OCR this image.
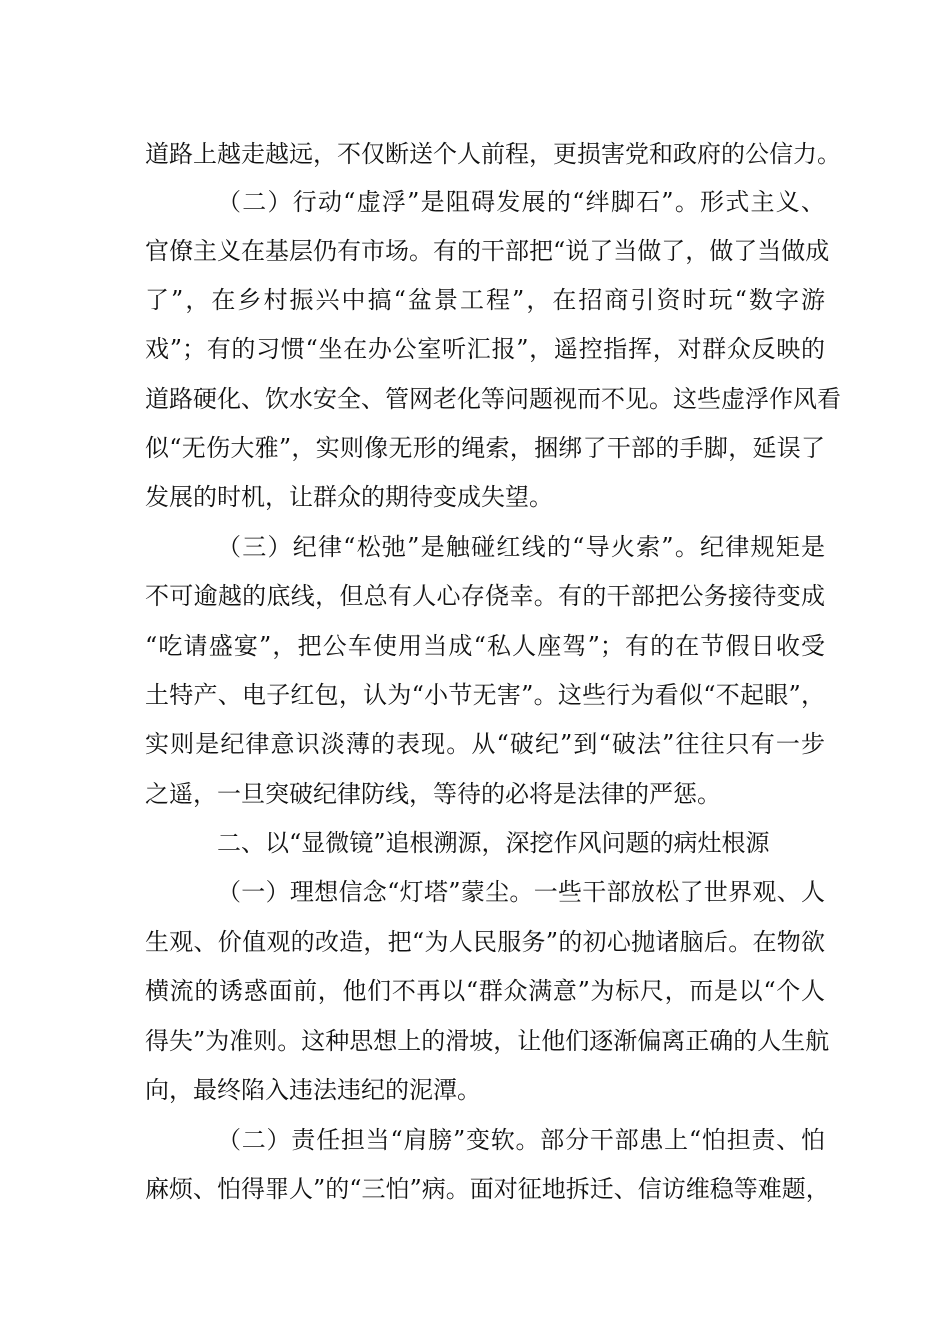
道路上越走越远，不仅断送个人前程，更损害党和政府的公信力。
（二）行动“虚浮”是阻碍发展的“绊脚石”。形式主义、
官僚主义在基层仍有市场。有的干部把“说了当做了，做了当做成
了”，在乡村振兴中搞“盆景工程”，在招商引资时玩“数字游
戏”；有的习惯“坐在办公室听汇报”，遥控指挥，对群众反映的
道路硬化、饮水安全、管网老化等问题视而不见。这些虚浮作风看
似“无伤大雅”，实则像无形的绳索，捆绑了干部的手脚，延误了
发展的时机，让群众的期待变成失望。
（三）纪律“松弛”是触碰红线的“导火索”。纪律规矩是
不可逾越的底线，但总有人心存侥幸。有的干部把公务接待变成
“吃请盛宴”，把公车使用当成“私人座驾”；有的在节假日收受
土特产、电子红包，认为“小节无害”。这些行为看似“不起眼”，
实则是纪律意识淡薄的表现。从“破纪”到“破法”往往只有一步
之遥，一旦突破纪律防线，等待的必将是法律的严惩。
二、以“显微镜”追根溯源，深挖作风问题的病灶根源
（一）理想信念“灯塔”蒙尘。一些干部放松了世界观、人
生观、价值观的改造，把“为人民服务”的初心抛诸脑后。在物欲
横流的诱惑面前，他们不再以“群众满意”为标尺，而是以“个人
得失”为准则。这种思想上的滑坡，让他们逐渐偏离正确的人生航
向，最终陷入违法违纪的泥潭。
（二）责任担当“肩膀”变软。部分干部患上“怕担责、怕
麻烦、怕得罪人”的“三怕”病。面对征地拆迁、信访维稳等难题，
